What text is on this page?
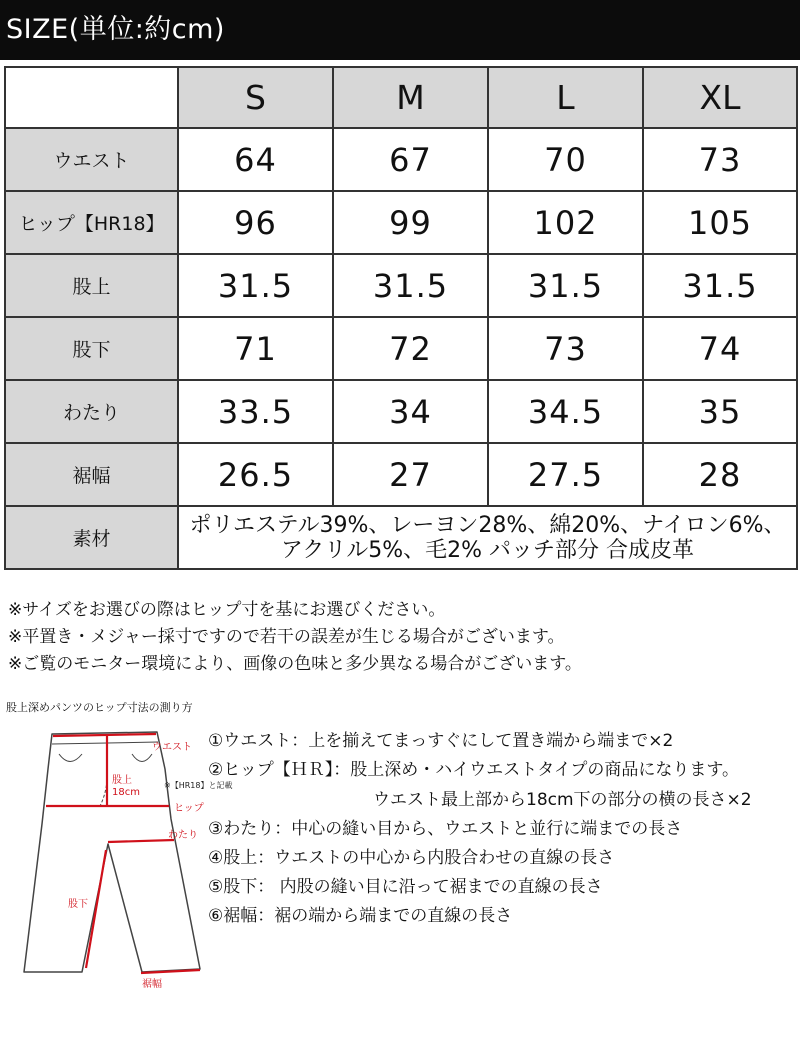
SIZE(単位:約cm)
	S	M	L	XL
ウエスト	64	67	70	73
ヒップ【HR18】	96	99	102	105
股上	31.5	31.5	31.5	31.5
股下	71	72	73	74
わたり	33.5	34	34.5	35
裾幅	26.5	27	27.5	28
素材	ポリエステル39%、レーヨン28%、綿20%、ナイロン6%、
アクリル5%、毛2% パッチ部分 合成皮革			
※サイズをお選びの際はヒップ寸を基にお選びください。
※平置き・メジャー採寸ですので若干の誤差が生じる場合がございます。
※ご覧のモニター環境により、画像の色味と多少異なる場合がございます。
股上深めパンツのヒップ寸法の測り方
ウエスト
股上
18cm
※【HR18】と記載
ヒップ
わたり
股下
裾幅
①ウエスト：上を揃えてまっすぐにして置き端から端まで×2
②ヒップ【ＨＲ】：股上深め・ハイウエストタイプの商品になります。
ウエスト最上部から18cm下の部分の横の長さ×2
③わたり：中心の縫い目から、ウエストと並行に端までの長さ
④股上：ウエストの中心から内股合わせの直線の長さ
⑤股下： 内股の縫い目に沿って裾までの直線の長さ
⑥裾幅：裾の端から端までの直線の長さ
